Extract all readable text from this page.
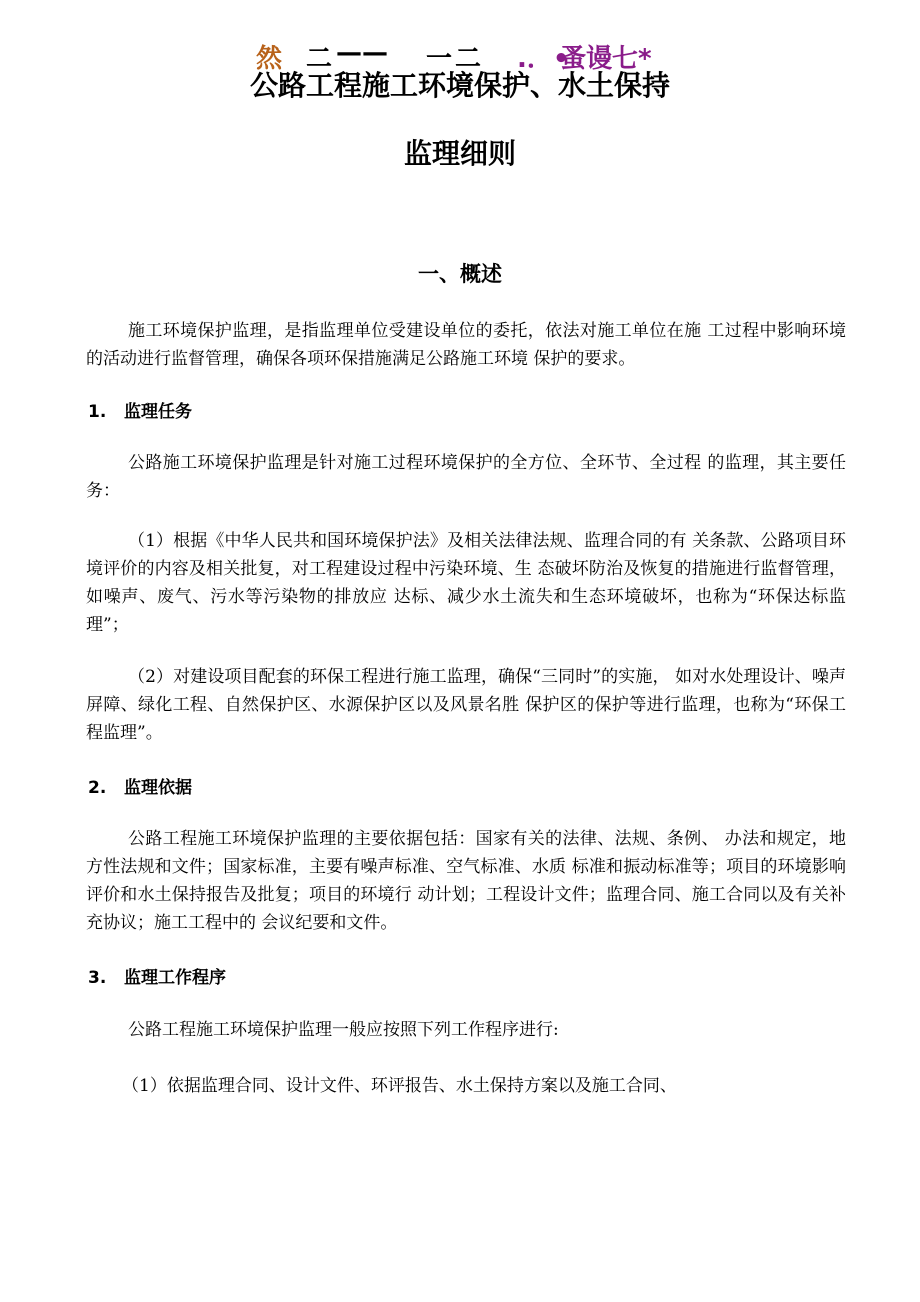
然 二 —— 一 二 .．•
蚤谩七*
公路工程施工环境保护、水土保持
监理细则
一、概述

施工环境保护监理，是指监理单位受建设单位的委托，依法对施工单位在施 工过程中影响环境的活动进行监督管理，确保各项环保措施满足公路施工环境 保护的要求。

1. 监理任务

公路施工环境保护监理是针对施工过程环境保护的全方位、全环节、全过程 的监理，其主要任务：

（1）根据《中华人民共和国环境保护法》及相关法律法规、监理合同的有 关条款、公路项目环境评价的内容及相关批复，对工程建设过程中污染环境、生 态破坏防治及恢复的措施进行监督管理，如噪声、废气、污水等污染物的排放应 达标、减少水土流失和生态环境破坏，也称为“环保达标监理”；

（2）对建设项目配套的环保工程进行施工监理，确保“三同时”的实施， 如对水处理设计、噪声屏障、绿化工程、自然保护区、水源保护区以及风景名胜 保护区的保护等进行监理，也称为“环保工程监理”。

2. 监理依据

公路工程施工环境保护监理的主要依据包括：国家有关的法律、法规、条例、 办法和规定，地方性法规和文件；国家标准，主要有噪声标准、空气标准、水质 标准和振动标准等；项目的环境影响评价和水土保持报告及批复；项目的环境行 动计划；工程设计文件；监理合同、施工合同以及有关补充协议；施工工程中的 会议纪要和文件。

3. 监理工作程序

公路工程施工环境保护监理一般应按照下列工作程序进行:

（1）依据监理合同、设计文件、环评报告、水土保持方案以及施工合同、
